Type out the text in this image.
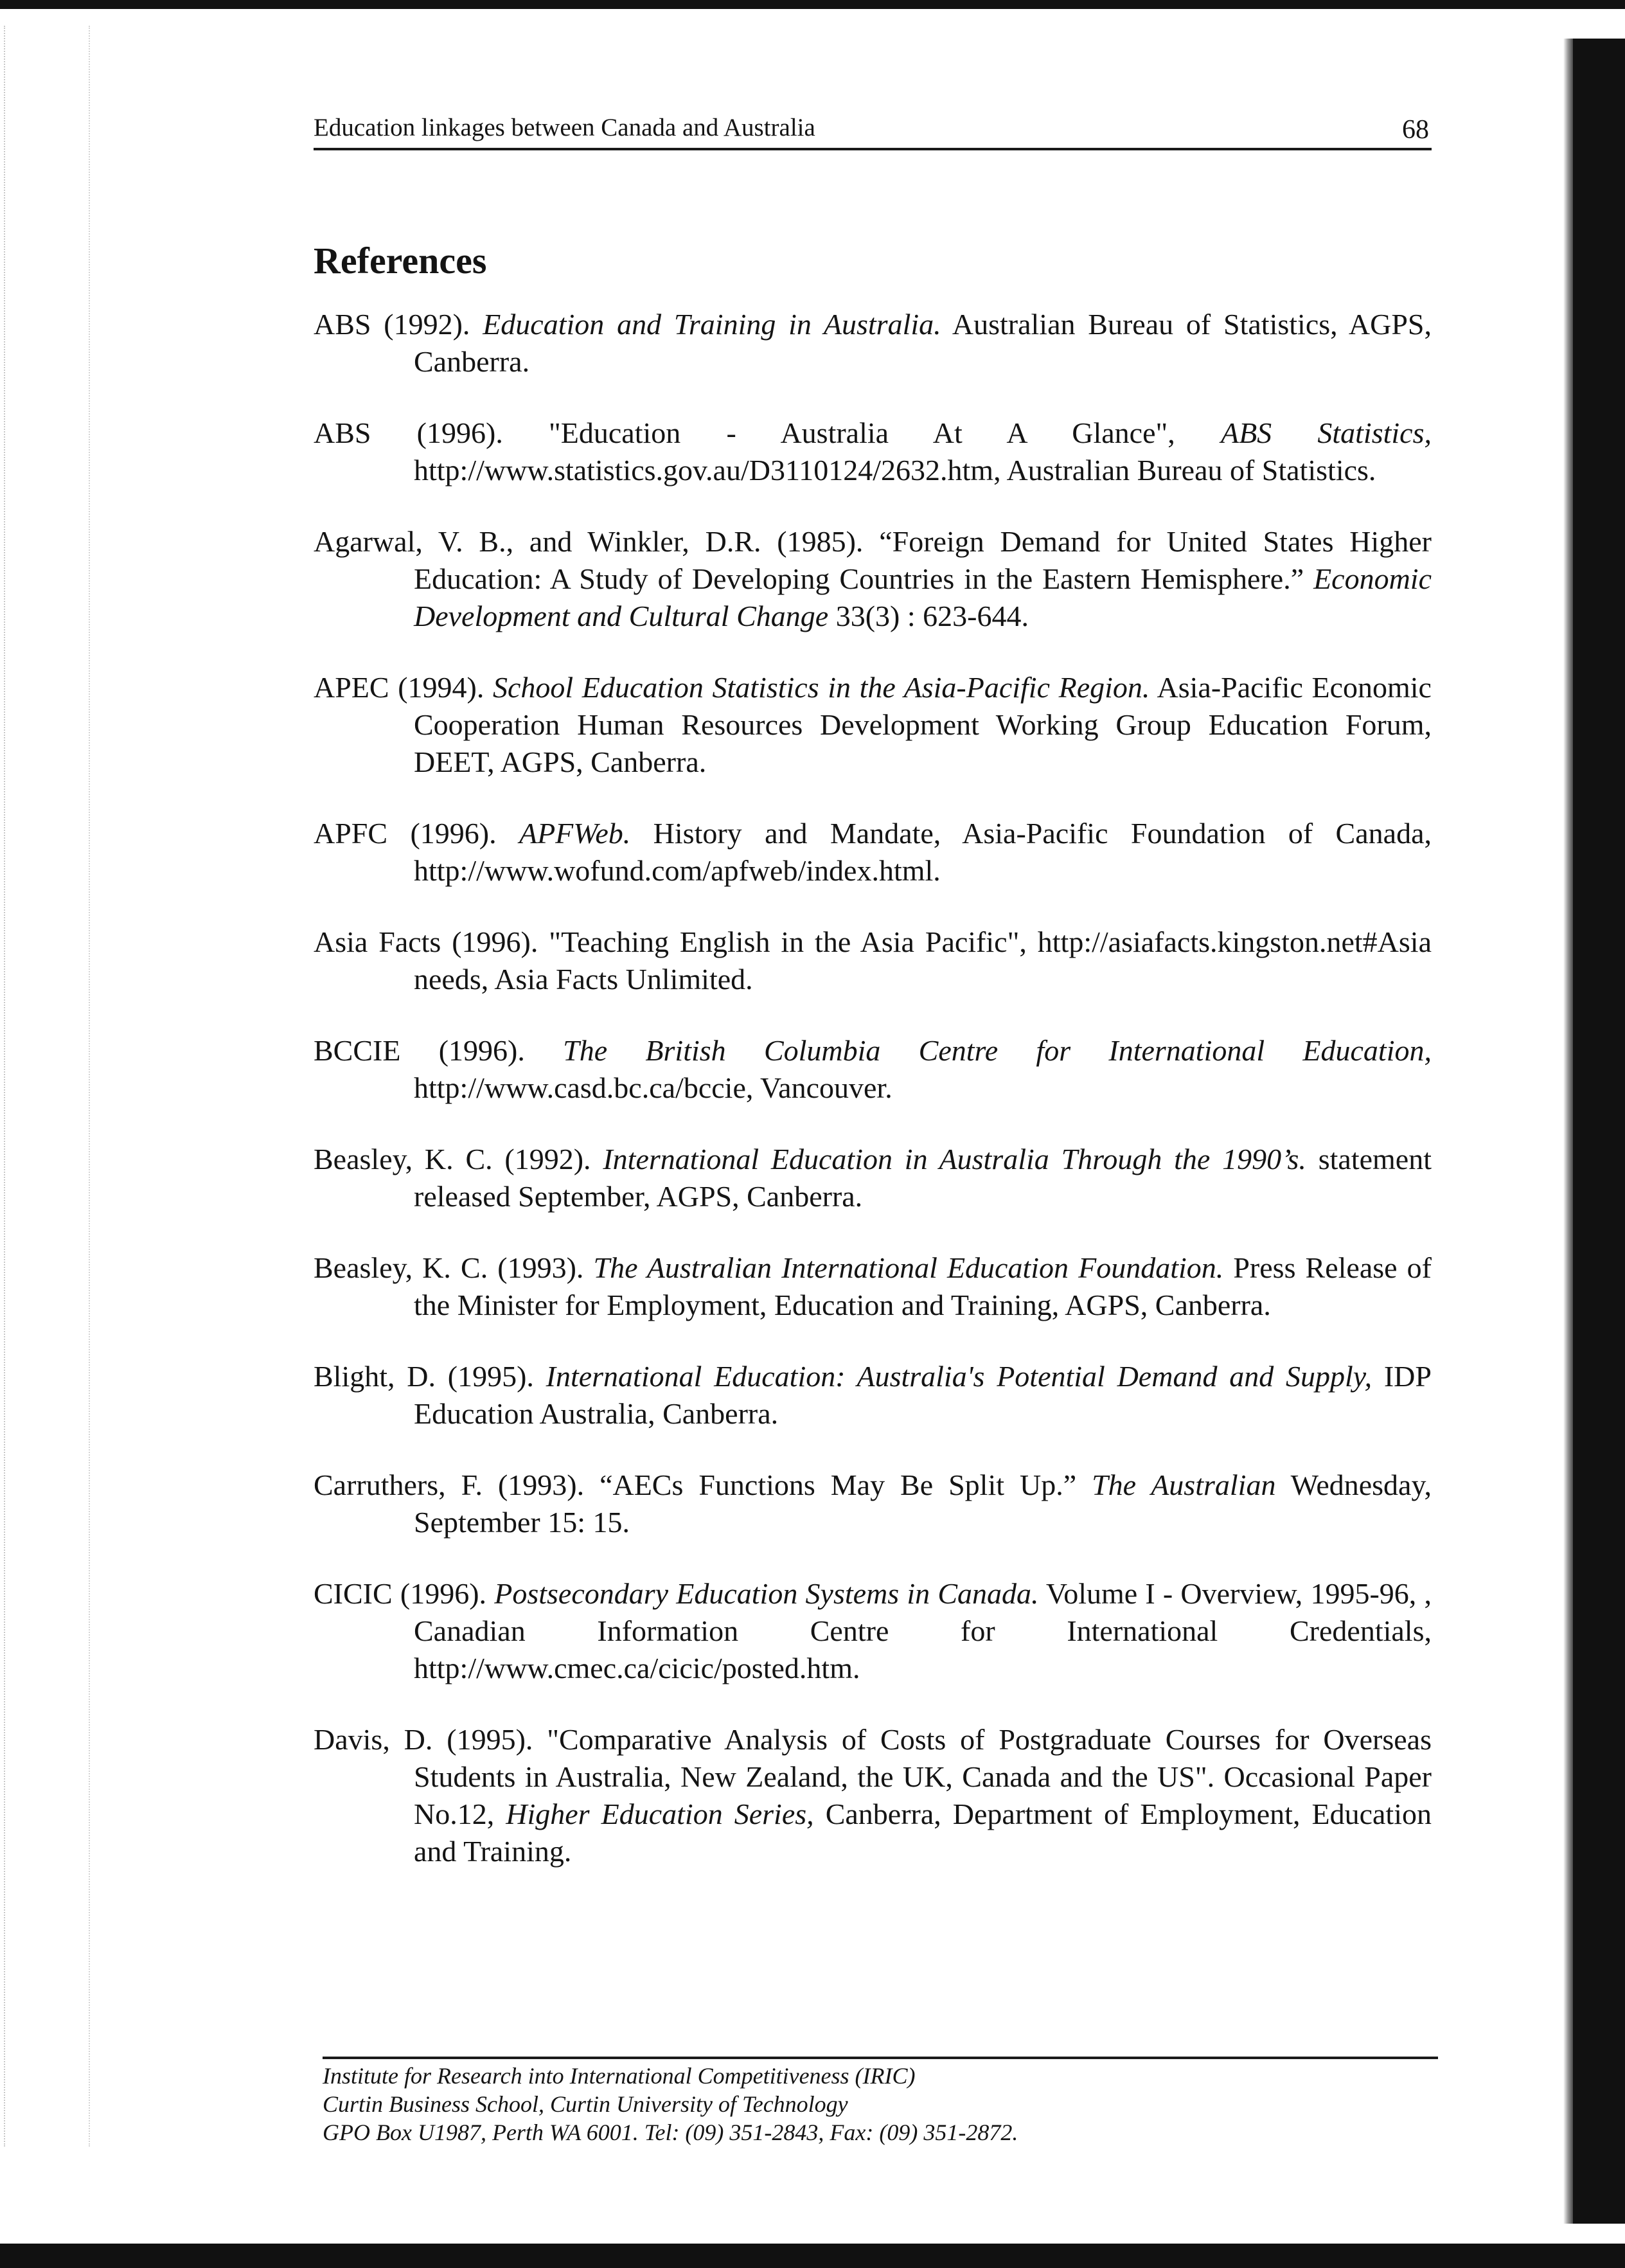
Education linkages between Canada and Australia	68
References
ABS (1992). Education and Training in Australia. Australian Bureau of Statistics, AGPS, Canberra.
ABS (1996). "Education - Australia At A Glance", ABS Statistics, http://www.statistics.gov.au/D3110124/2632.htm, Australian Bureau of Statistics.
Agarwal, V. B., and Winkler, D.R. (1985). “Foreign Demand for United States Higher Education: A Study of Developing Countries in the Eastern Hemisphere.” Economic Development and Cultural Change 33(3) : 623-644.
APEC (1994). School Education Statistics in the Asia-Pacific Region. Asia-Pacific Economic Cooperation Human Resources Development Working Group Education Forum, DEET, AGPS, Canberra.
APFC (1996). APFWeb. History and Mandate, Asia-Pacific Foundation of Canada, http://www.wofund.com/apfweb/index.html.
Asia Facts (1996). "Teaching English in the Asia Pacific", http://asiafacts.kingston.net#Asia needs, Asia Facts Unlimited.
BCCIE (1996). The British Columbia Centre for International Education, http://www.casd.bc.ca/bccie, Vancouver.
Beasley, K. C. (1992). International Education in Australia Through the 1990’s. statement released September, AGPS, Canberra.
Beasley, K. C. (1993). The Australian International Education Foundation. Press Release of the Minister for Employment, Education and Training, AGPS, Canberra.
Blight, D. (1995). International Education: Australia's Potential Demand and Supply, IDP Education Australia, Canberra.
Carruthers, F. (1993). “AECs Functions May Be Split Up.” The Australian Wednesday, September 15: 15.
CICIC (1996). Postsecondary Education Systems in Canada. Volume I - Overview, 1995-96, , Canadian Information Centre for International Credentials, http://www.cmec.ca/cicic/posted.htm.
Davis, D. (1995). "Comparative Analysis of Costs of Postgraduate Courses for Overseas Students in Australia, New Zealand, the UK, Canada and the US". Occasional Paper No.12, Higher Education Series, Canberra, Department of Employment, Education and Training.
Institute for Research into International Competitiveness (IRIC)
Curtin Business School, Curtin University of Technology
GPO Box U1987, Perth WA 6001. Tel: (09) 351-2843, Fax: (09) 351-2872.
